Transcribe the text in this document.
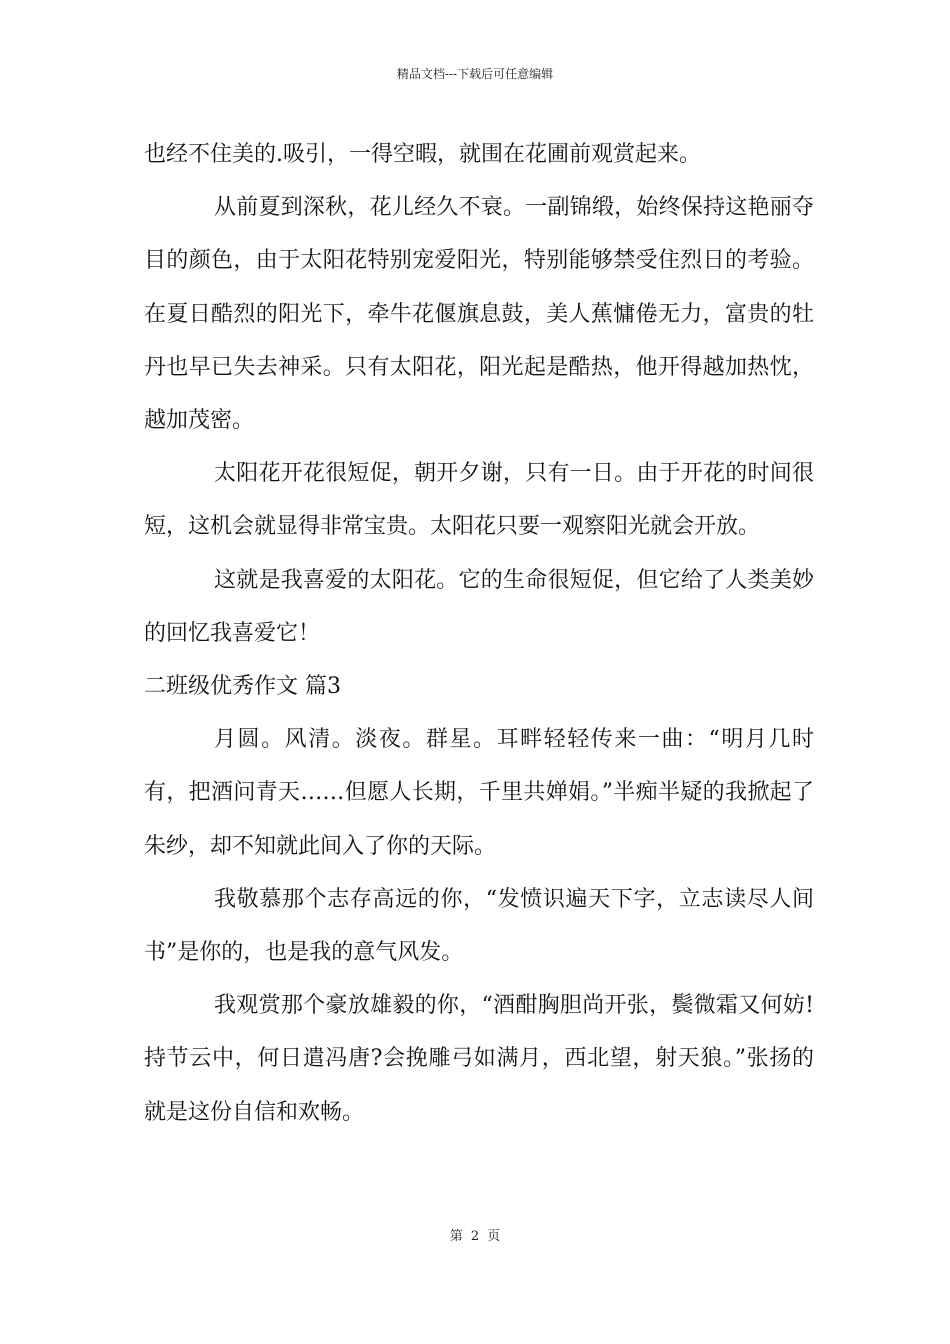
精品文档---下载后可任意编辑

也经不住美的.吸引，一得空暇，就围在花圃前观赏起来。

从前夏到深秋，花儿经久不衰。一副锦缎，始终保持这艳丽夺目的颜色，由于太阳花特别宠爱阳光，特别能够禁受住烈日的考验。在夏日酷烈的阳光下，牵牛花偃旗息鼓，美人蕉慵倦无力，富贵的牡丹也早已失去神采。只有太阳花，阳光起是酷热，他开得越加热忱，越加茂密。

太阳花开花很短促，朝开夕谢，只有一日。由于开花的时间很短，这机会就显得非常宝贵。太阳花只要一观察阳光就会开放。

这就是我喜爱的太阳花。它的生命很短促，但它给了人类美妙的回忆我喜爱它！

二班级优秀作文 篇3

月圆。风清。淡夜。群星。耳畔轻轻传来一曲：“明月几时有，把酒问青天……但愿人长期，千里共婵娟。”半痴半疑的我掀起了朱纱，却不知就此间入了你的天际。

我敬慕那个志存高远的你，“发愤识遍天下字，立志读尽人间书”是你的，也是我的意气风发。

我观赏那个豪放雄毅的你，“酒酣胸胆尚开张，鬓微霜又何妨!持节云中，何日遣冯唐?会挽雕弓如满月，西北望，射天狼。”张扬的就是这份自信和欢畅。

第 2 页
